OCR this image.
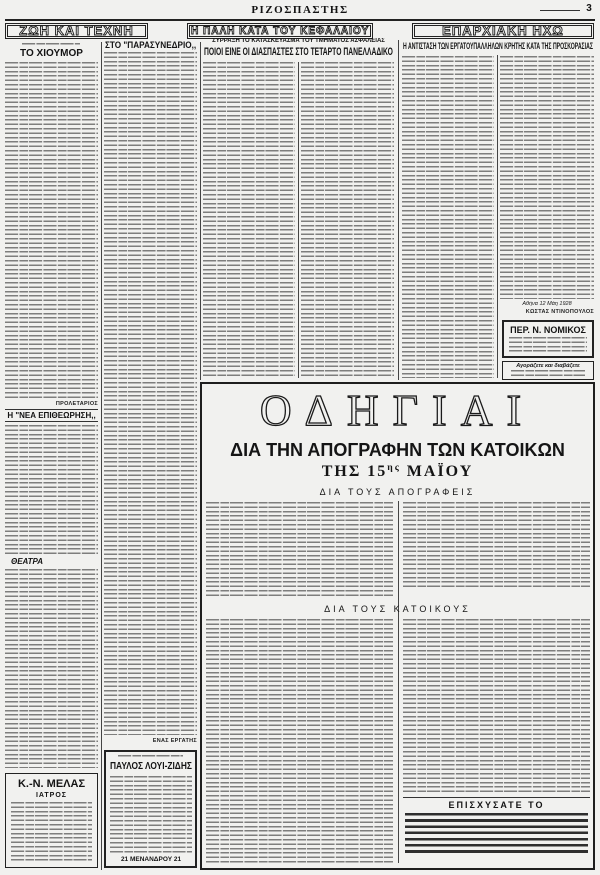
ΡΙΖΟΣΠΑΣΤΗΣ	3
ΖΩΗ ΚΑΙ ΤΕΧΝΗ	Η ΠΑΛΗ ΚΑΤΑ ΤΟΥ ΚΕΦΑΛΑΙΟΥ	ΕΠΑΡΧΙΑΚΗ ΗΧΩ
ΤΟ ΧΙΟΥΜΟΡ
ΠΡΟΛΕΤΑΡΙΟΣ
Η "ΝΕΑ ΕΠΙΘΕΩΡΗΣΗ,,
ΘΕΑΤΡΑ
Κ.-Ν. ΜΕΛΑΣ
ΙΑΤΡΟΣ
ΣΤΟ "ΠΑΡΑΣΥΝΕΔΡΙΟ,,
ΕΝΑΣ ΕΡΓΑΤΗΣ
ΠΑΥΛΟΣ ΛΟΥΙ-ΖΙΔΗΣ
21 ΜΕΝΑΝΔΡΟΥ 21
ΣΥΡΡΑΞΗ ΤΟ ΚΑΤΑΣΚΕΥΑΣΜΑ ΤΟΥ ΤΜΗΜΑΤΟΣ ΑΣΦΑΛΕΙΑΣ
ΠΟΙΟΙ ΕΙΝΕ ΟΙ ΔΙΑΣΠΑΣΤΕΣ ΣΤΟ ΤΕΤΑΡΤΟ ΠΑΝΕΛΛΑΔΙΚΟ Η ΑΝΤΙΣΤΑΣΗ ΤΩΝ ΕΡΓΑΤΟΥΠΑΛΛΗΛΩΝ ΚΡΗΤΗΣ ΚΑΤΑ ΤΗΣ ΠΡΟΣΚΟΡΑΣΙΑΣ
Αθήνα 12 Μάη 1928
ΚΩΣΤΑΣ ΝΤΙΝΟΠΟΥΛΟΣ
ΠΕΡ. Ν. ΝΟΜΙΚΟΣ
Αγοράζετε και διαβάζετε
ΟΔΗΓΙΑΙ
ΔΙΑ ΤΗΝ ΑΠΟΓΡΑΦΗΝ ΤΩΝ ΚΑΤΟΙΚΩΝ
ΤΗΣ $15^{\eta\varsigma}$ ΜΑΪΟΥ
ΔΙΑ ΤΟΥΣ ΑΠΟΓΡΑΦΕΙΣ
ΔΙΑ ΤΟΥΣ ΚΑΤΟΙΚΟΥΣ
ΕΠΙΣΧΥΣΑΤΕ ΤΟ
